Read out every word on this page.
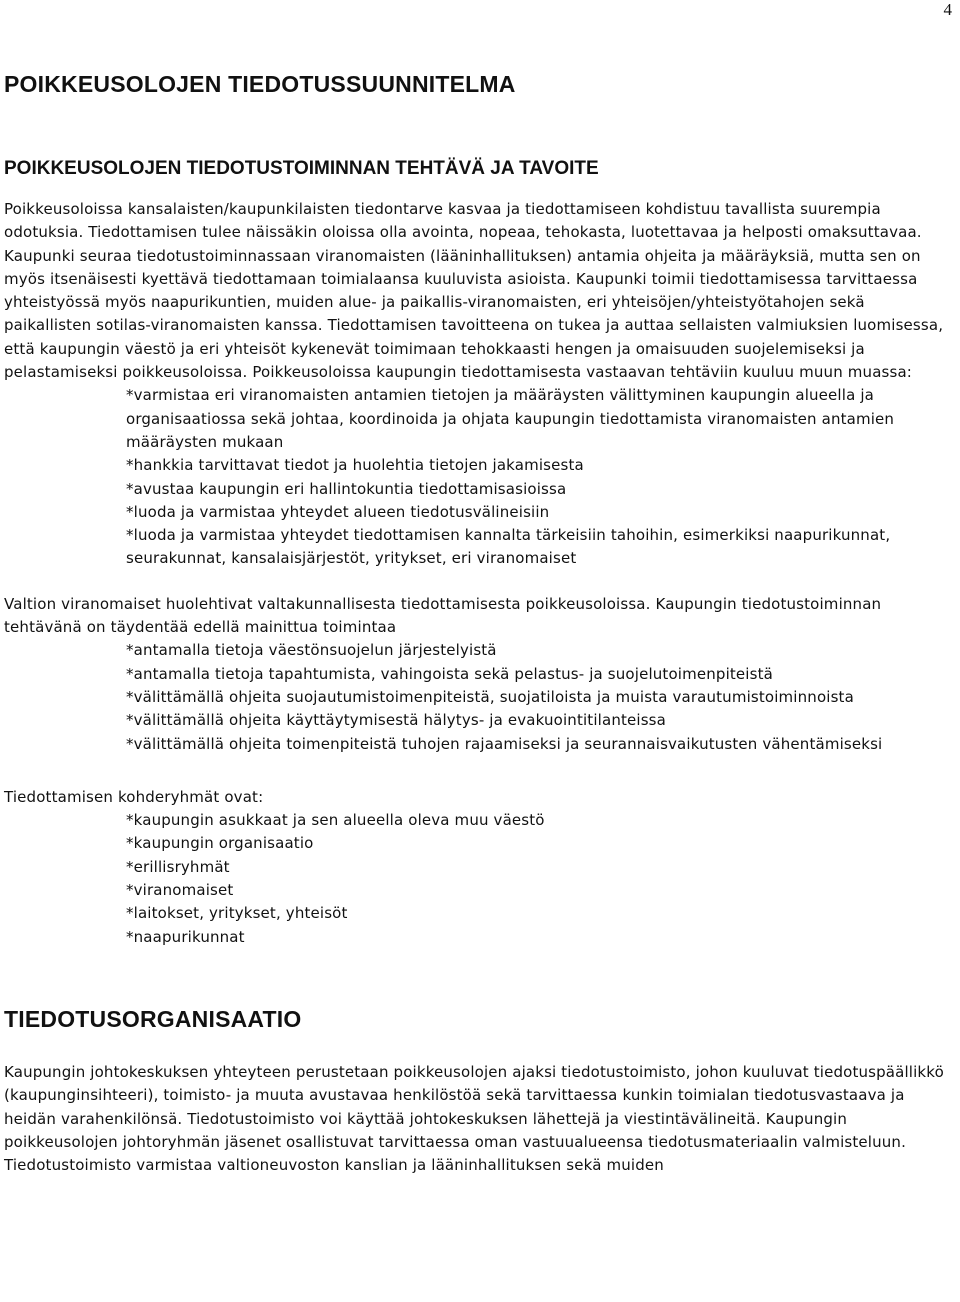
4
POIKKEUSOLOJEN TIEDOTUSSUUNNITELMA
POIKKEUSOLOJEN TIEDOTUSTOIMINNAN TEHTÄVÄ JA TAVOITE

Poikkeusoloissa kansalaisten/kaupunkilaisten tiedontarve kasvaa ja tiedottamiseen kohdistuu tavallista suurempia odotuksia. Tiedottamisen tulee näissäkin oloissa olla avointa, nopeaa, tehokasta, luotettavaa ja helposti omaksuttavaa. Kaupunki seuraa tiedotustoiminnassaan viranomaisten (lääninhallituksen) antamia ohjeita ja määräyksiä, mutta sen on myös itsenäisesti kyettävä tiedottamaan toimialaansa kuuluvista asioista. Kaupunki toimii tiedottamisessa tarvittaessa yhteistyössä myös naapurikuntien, muiden alue- ja paikallis-viranomaisten, eri yhteisöjen/yhteistyötahojen sekä paikallisten sotilas-viranomaisten kanssa. Tiedottamisen tavoitteena on tukea ja auttaa sellaisten valmiuksien luomisessa, että kaupungin väestö ja eri yhteisöt kykenevät toimimaan tehokkaasti hengen ja omaisuuden suojelemiseksi ja pelastamiseksi poikkeusoloissa. Poikkeusoloissa kaupungin tiedottamisesta vastaavan tehtäviin kuuluu muun muassa:

*varmistaa eri viranomaisten antamien tietojen ja määräysten välittyminen kaupungin alueella ja organisaatiossa sekä johtaa, koordinoida ja ohjata kaupungin tiedottamista viranomaisten antamien määräysten mukaan
*hankkia tarvittavat tiedot ja huolehtia tietojen jakamisesta
*avustaa kaupungin eri hallintokuntia tiedottamisasioissa
*luoda ja varmistaa yhteydet alueen tiedotusvälineisiin
*luoda ja varmistaa yhteydet tiedottamisen kannalta tärkeisiin tahoihin, esimerkiksi naapurikunnat, seurakunnat, kansalaisjärjestöt, yritykset, eri viranomaiset

Valtion viranomaiset huolehtivat valtakunnallisesta tiedottamisesta poikkeusoloissa. Kaupungin tiedotustoiminnan tehtävänä on täydentää edellä mainittua toimintaa

*antamalla tietoja väestönsuojelun järjestelyistä
*antamalla tietoja tapahtumista, vahingoista sekä pelastus- ja suojelutoimenpiteistä
*välittämällä ohjeita suojautumistoimenpiteistä, suojatiloista ja muista varautumistoiminnoista
*välittämällä ohjeita käyttäytymisestä hälytys- ja evakuointitilanteissa
*välittämällä ohjeita toimenpiteistä tuhojen rajaamiseksi ja seurannaisvaikutusten vähentämiseksi

Tiedottamisen kohderyhmät ovat:

*kaupungin asukkaat ja sen alueella oleva muu väestö
*kaupungin organisaatio
*erillisryhmät
*viranomaiset
*laitokset, yritykset, yhteisöt
*naapurikunnat
TIEDOTUSORGANISAATIO

Kaupungin johtokeskuksen yhteyteen perustetaan poikkeusolojen ajaksi tiedotustoimisto, johon kuuluvat tiedotuspäällikkö (kaupunginsihteeri), toimisto- ja muuta avustavaa henkilöstöä sekä tarvittaessa kunkin toimialan tiedotusvastaava ja heidän varahenkilönsä. Tiedotustoimisto voi käyttää johtokeskuksen lähettejä ja viestintävälineitä. Kaupungin poikkeusolojen johtoryhmän jäsenet osallistuvat tarvittaessa oman vastuualueensa tiedotusmateriaalin valmisteluun. Tiedotustoimisto varmistaa valtioneuvoston kanslian ja lääninhallituksen sekä muiden
